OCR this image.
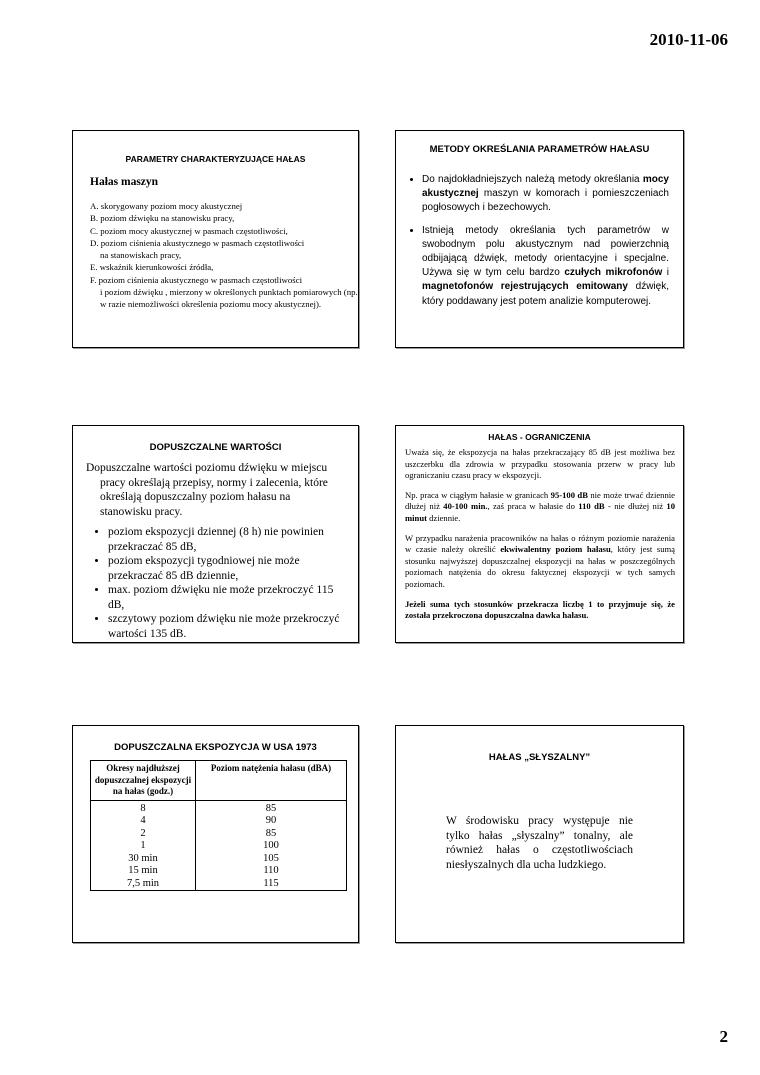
2010-11-06
PARAMETRY CHARAKTERYZUJĄCE HAŁAS
Hałas maszyn
A. skorygowany poziom mocy akustycznej
B. poziom dźwięku na stanowisku pracy,
C. poziom mocy akustycznej w pasmach częstotliwości,
D. poziom ciśnienia akustycznego w pasmach częstotliwości
na stanowiskach pracy,
E. wskaźnik kierunkowości źródła,
F. poziom ciśnienia akustycznego w pasmach częstotliwości
i poziom dźwięku , mierzony w określonych punktach pomiarowych (np. w razie niemożliwości określenia poziomu mocy akustycznej).
METODY OKREŚLANIA PARAMETRÓW HAŁASU
• Do najdokładniejszych należą metody określania mocy akustycznej maszyn w komorach i pomieszczeniach pogłosowych i bezechowych.
• Istnieją metody określania tych parametrów w swobodnym polu akustycznym nad powierzchnią odbijającą dźwięk, metody orientacyjne i specjalne. Używa się w tym celu bardzo czułych mikrofonów i magnetofonów rejestrujących emitowany dźwięk, który poddawany jest potem analizie komputerowej.
DOPUSZCZALNE WARTOŚCI
Dopuszczalne wartości poziomu dźwięku w miejscu pracy określają przepisy, normy i zalecenia, które określają dopuszczalny poziom hałasu na stanowisku pracy.
• poziom ekspozycji dziennej (8 h) nie powinien przekraczać 85 dB,
• poziom ekspozycji tygodniowej nie może przekraczać 85 dB dziennie,
• max. poziom dźwięku nie może przekroczyć 115 dB,
• szczytowy poziom dźwięku nie może przekroczyć wartości 135 dB.
HAŁAS - OGRANICZENIA
Uważa się, że ekspozycja na hałas przekraczający 85 dB jest możliwa bez uszczerbku dla zdrowia w przypadku stosowania przerw w pracy lub ograniczaniu czasu pracy w ekspozycji.
Np. praca w ciągłym hałasie w granicach 95-100 dB nie może trwać dziennie dłużej niż 40-100 min., zaś praca w hałasie do 110 dB - nie dłużej niż 10 minut dziennie.
W przypadku narażenia pracowników na hałas o różnym poziomie narażenia w czasie należy określić ekwiwalentny poziom hałasu, który jest sumą stosunku najwyższej dopuszczalnej ekspozycji na hałas w poszczególnych poziomach natężenia do okresu faktycznej ekspozycji w tych samych poziomach.
Jeżeli suma tych stosunków przekracza liczbę 1 to przyjmuje się, że została przekroczona dopuszczalna dawka hałasu.
DOPUSZCZALNA EKSPOZYCJA W USA 1973
Okresy najdłuższej dopuszczalnej ekspozycji na hałas (godz.)	Poziom natężenia hałasu (dBA)
8	85
4	90
2	85
1	100
30 min	105
15 min	110
7,5 min	115
HAŁAS „SŁYSZALNY”
W środowisku pracy występuje nie tylko hałas „słyszalny” tonalny, ale również hałas o częstotliwościach niesłyszalnych dla ucha ludzkiego.
2
